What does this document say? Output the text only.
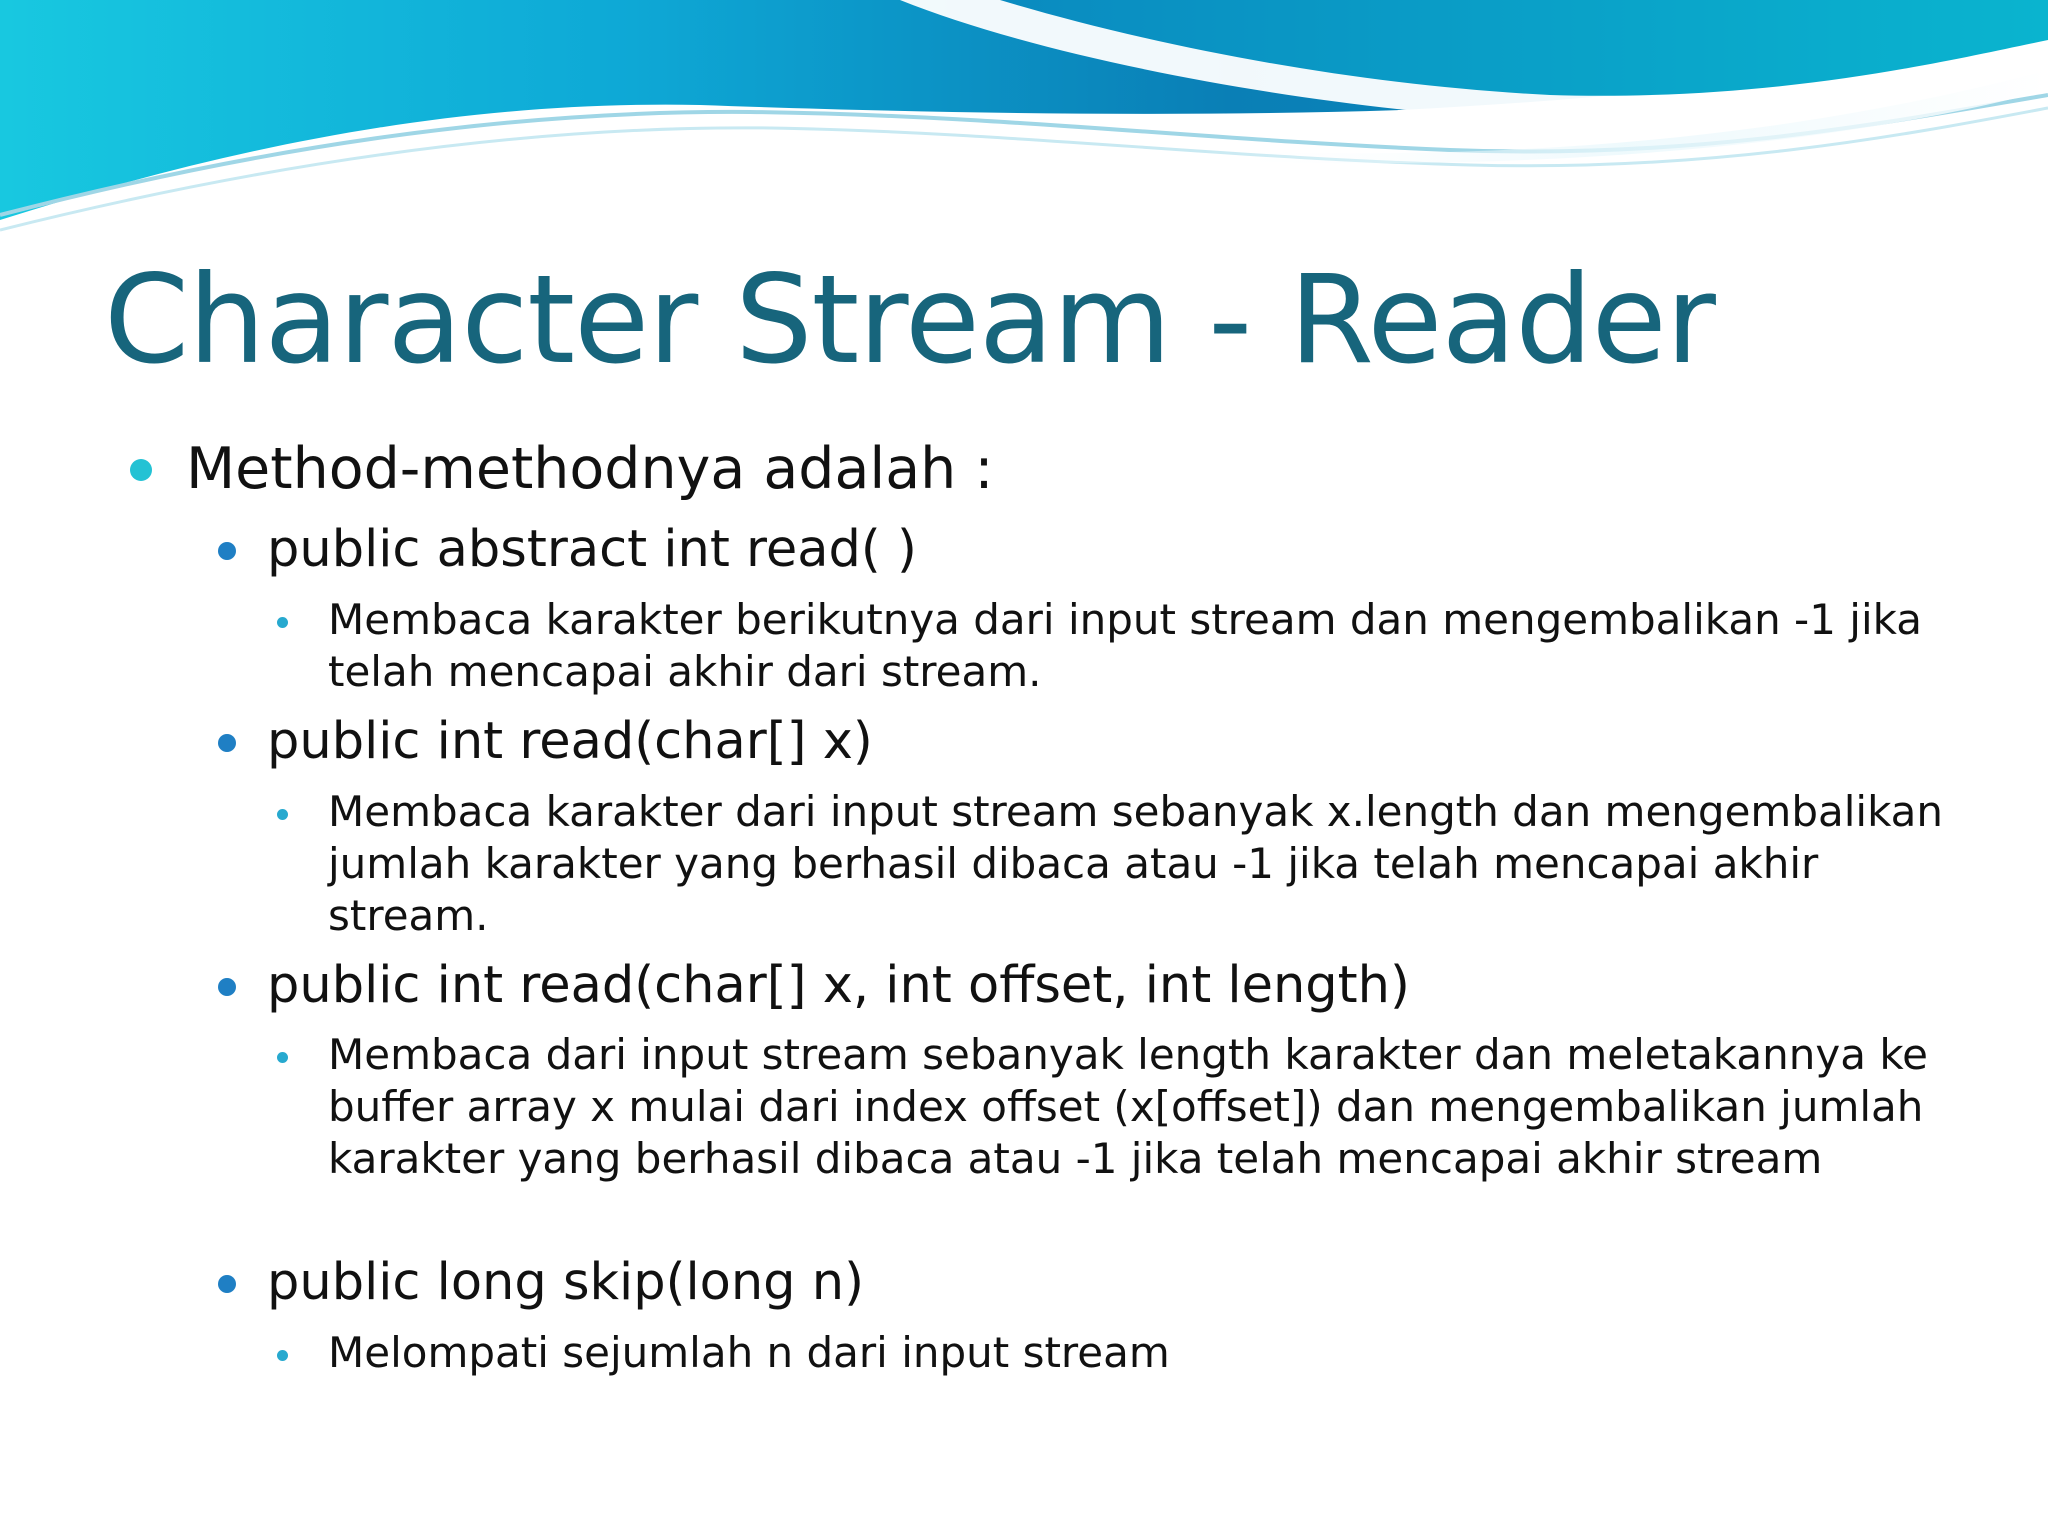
Character Stream - Reader
Method-methodnya adalah :
public abstract int read( )
Membaca karakter berikutnya dari input stream dan mengembalikan -1 jika telah mencapai akhir dari stream.
public int read(char[] x)
Membaca karakter dari input stream sebanyak x.length dan mengembalikan jumlah karakter yang berhasil dibaca atau -1 jika telah mencapai akhir stream.
public int read(char[] x, int offset, int length)
Membaca dari input stream sebanyak length karakter dan meletakannya ke buffer array x mulai dari index offset (x[offset]) dan mengembalikan jumlah karakter yang berhasil dibaca atau -1 jika telah mencapai akhir stream
public long skip(long n)
Melompati sejumlah n dari input stream
